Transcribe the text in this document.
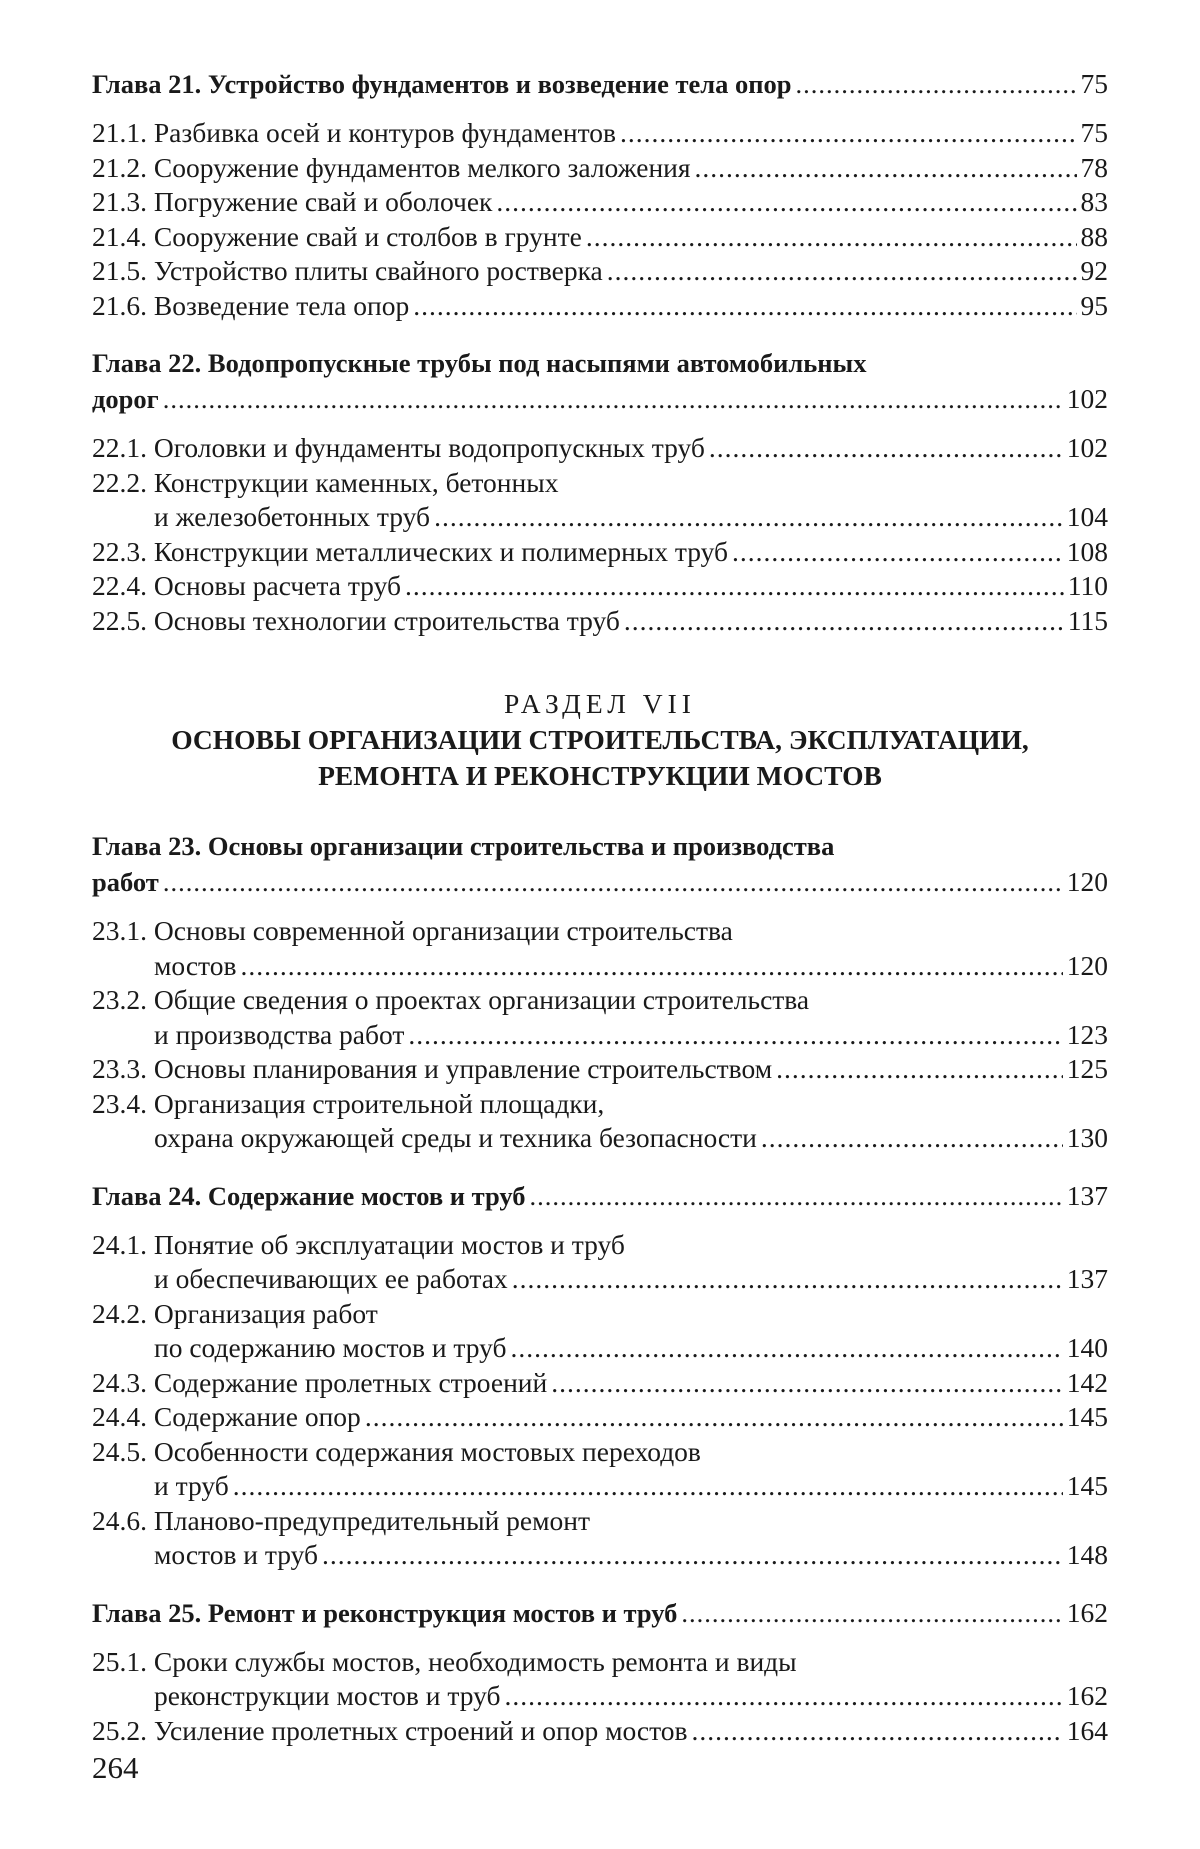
Глава 21. Устройство фундаментов и возведение тела опор .....	75
21.1. Разбивка осей и контуров фундаментов .....	75
21.2. Сооружение фундаментов мелкого заложения .....	78
21.3. Погружение свай и оболочек .....	83
21.4. Сооружение свай и столбов в грунте .....	88
21.5. Устройство плиты свайного ростверка .....	92
21.6. Возведение тела опор .....	95
Глава 22. Водопропускные трубы под насыпями автомобильных
дорог .....	102
22.1. Оголовки и фундаменты водопропускных труб .....	102
22.2. Конструкции каменных, бетонных
и железобетонных труб .....	104
22.3. Конструкции металлических и полимерных труб .....	108
22.4. Основы расчета труб .....	110
22.5. Основы технологии строительства труб .....	115
РАЗДЕЛ VII
ОСНОВЫ ОРГАНИЗАЦИИ СТРОИТЕЛЬСТВА, ЭКСПЛУАТАЦИИ,
РЕМОНТА И РЕКОНСТРУКЦИИ МОСТОВ
Глава 23. Основы организации строительства и производства
работ .....	120
23.1. Основы современной организации строительства
мостов .....	120
23.2. Общие сведения о проектах организации строительства
и производства работ .....	123
23.3. Основы планирования и управление строительством .....	125
23.4. Организация строительной площадки,
охрана окружающей среды и техника безопасности .....	130
Глава 24. Содержание мостов и труб .....	137
24.1. Понятие об эксплуатации мостов и труб
и обеспечивающих ее работах .....	137
24.2. Организация работ
по содержанию мостов и труб .....	140
24.3. Содержание пролетных строений .....	142
24.4. Содержание опор .....	145
24.5. Особенности содержания мостовых переходов
и труб .....	145
24.6. Планово-предупредительный ремонт
мостов и труб .....	148
Глава 25. Ремонт и реконструкция мостов и труб .....	162
25.1. Сроки службы мостов, необходимость ремонта и виды
реконструкции мостов и труб .....	162
25.2. Усиление пролетных строений и опор мостов .....	164
264
